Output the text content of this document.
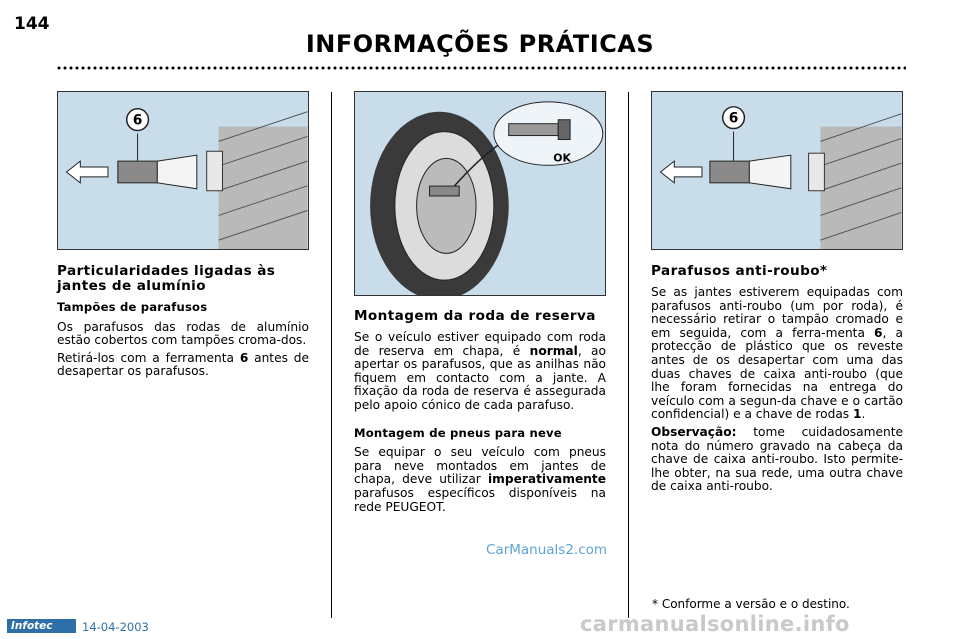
144
INFORMAÇÕES PRÁTICAS
6
OK
6
Particularidades ligadas às jantes de alumínio
Tampões de parafusos

Os parafusos das rodas de alumínio estão cobertos com tampões croma-dos.

Retirá-los com a ferramenta 6 antes de desapertar os parafusos.

Montagem da roda de reserva

Se o veículo estiver equipado com roda de reserva em chapa, é normal, ao apertar os parafusos, que as anilhas não fiquem em contacto com a jante. A fixação da roda de reserva é assegurada pelo apoio cónico de cada parafuso.

Montagem de pneus para neve

Se equipar o seu veículo com pneus para neve montados em jantes de chapa, deve utilizar imperativamente parafusos específicos disponíveis na rede PEUGEOT.

Parafusos anti-roubo*

Se as jantes estiverem equipadas com parafusos anti-roubo (um por roda), é necessário retirar o tampão cromado e em seguida, com a ferra-menta 6, a protecção de plástico que os reveste antes de os desapertar com uma das duas chaves de caixa anti-roubo (que lhe foram fornecidas na entrega do veículo com a segun-da chave e o cartão confidencial) e a chave de rodas 1.

Observação: tome cuidadosamente nota do número gravado na cabeça da chave de caixa anti-roubo. Isto permite-lhe obter, na sua rede, uma outra chave de caixa anti-roubo.

CarManuals2.com
* Conforme a versão e o destino.
Infotec	14-04-2003	carmanualsonline.info
